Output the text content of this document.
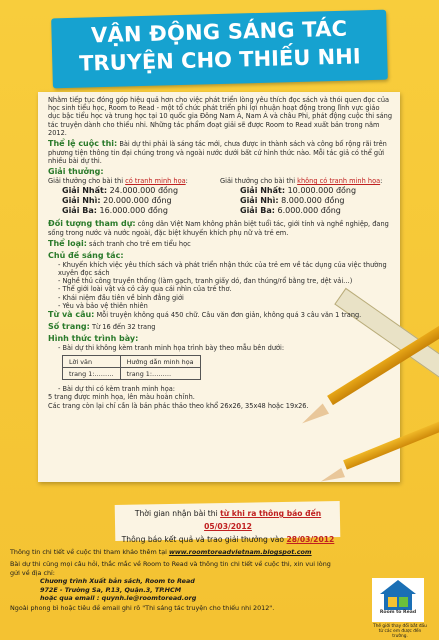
VẬN ĐỘNG SÁNG TÁC
TRUYỆN CHO THIẾU NHI

Nhằm tiếp tục đóng góp hiệu quả hơn cho việc phát triển lòng yêu thích đọc sách và thói quen đọc của học sinh tiểu học, Room to Read - một tổ chức phát triển phi lợi nhuận hoạt động trong lĩnh vực giáo dục bậc tiểu học và trung học tại 10 quốc gia Đông Nam Á, Nam Á và châu Phi, phát động cuộc thi sáng tác truyện dành cho thiếu nhi. Những tác phẩm đoạt giải sẽ được Room to Read xuất bản trong năm 2012.

Thể lệ cuộc thi: Bài dự thi phải là sáng tác mới, chưa được in thành sách và công bố rộng rãi trên phương tiện thông tin đại chúng trong và ngoài nước dưới bất cứ hình thức nào. Mỗi tác giả có thể gửi nhiều bài dự thi.

Giải thưởng:
Giải thưởng cho bài thi có tranh minh họa:
Giải Nhất: 24.000.000 đồng
Giải Nhì: 20.000.000 đồng
Giải Ba: 16.000.000 đồng
Giải thưởng cho bài thi không có tranh minh họa:
Giải Nhất: 10.000.000 đồng
Giải Nhì: 8.000.000 đồng
Giải Ba: 6.000.000 đồng

Đối tượng tham dự: công dân Việt Nam không phân biệt tuổi tác, giới tính và nghề nghiệp, đang sống trong nước và nước ngoài, đặc biệt khuyến khích phụ nữ và trẻ em.

Thể loại: sách tranh cho trẻ em tiểu học

Chủ đề sáng tác:
- Khuyến khích việc yêu thích sách và phát triển nhận thức của trẻ em về tác dụng của việc thường xuyên đọc sách
- Nghề thủ công truyền thống (làm gạch, tranh giấy dó, đan thúng/rổ bằng tre, dệt vải…)
- Thế giới loài vật và cỏ cây qua cái nhìn của trẻ thơ.
- Khái niệm đầu tiên về bình đẳng giới
- Yêu và bảo vệ thiên nhiên

Từ và câu: Mỗi truyện không quá 450 chữ. Câu văn đơn giản, không quá 3 câu văn 1 trang.

Số trang: Từ 16 đến 32 trang

Hình thức trình bày:
- Bài dự thi không kèm tranh minh họa trình bày theo mẫu bên dưới:
Lời văn	Hướng dẫn minh họa
trang 1:………	trang 1:………
- Bài dự thi có kèm tranh minh họa:
5 trang được minh họa, lên màu hoàn chỉnh.
Các trang còn lại chỉ cần là bản phác thảo theo khổ 26x26, 35x48 hoặc 19x26.
Thời gian nhận bài thi từ khi ra thông báo đến 05/03/2012
Thông báo kết quả và trao giải thưởng vào 28/03/2012

Thông tin chi tiết về cuộc thi tham khảo thêm tại www.roomtoreadvietnam.blogspot.com

Bài dự thi cũng mọi câu hỏi, thắc mắc về Room to Read và thông tin chi tiết về cuộc thi, xin vui lòng gửi về địa chỉ:

Chương trình Xuất bản sách, Room to Read

972E - Trường Sa, P.13, Quận.3, TP.HCM

hoặc qua email : quynh.le@roomtoread.org

Ngoài phong bì hoặc tiêu đề email ghi rõ "Thi sáng tác truyện cho thiếu nhi 2012".

Room to Read
Thế giới thay đổi bắt đầu từ các em được đến trường.
